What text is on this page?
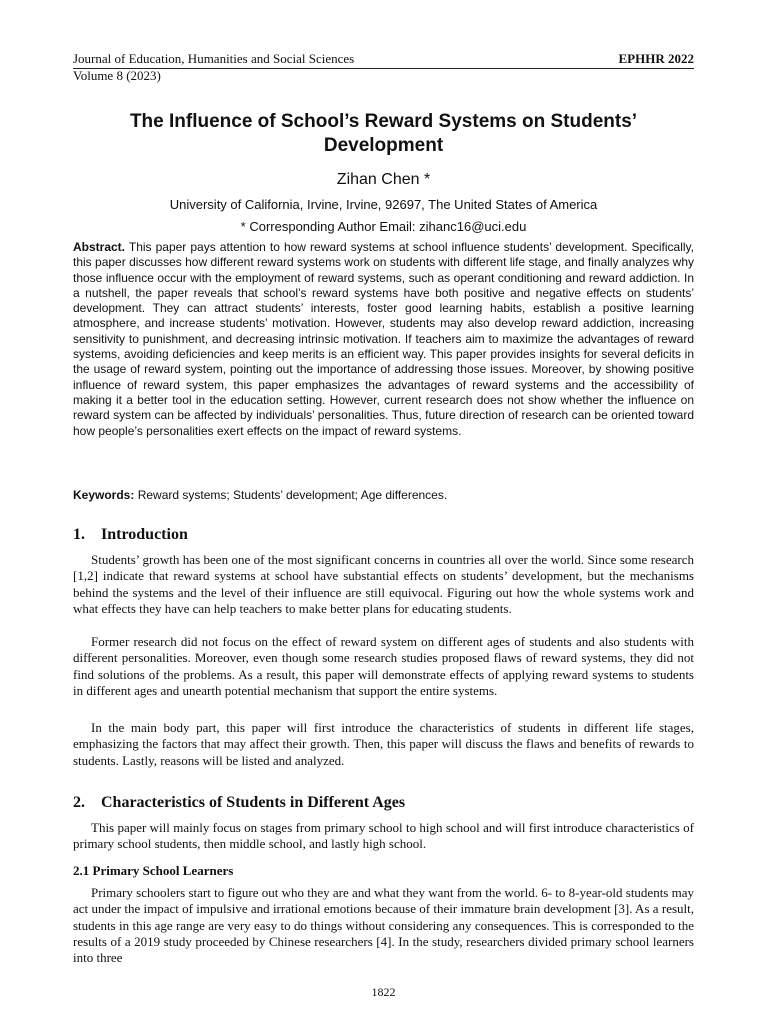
Journal of Education, Humanities and Social Sciences	EPHHR 2022
Volume 8 (2023)
The Influence of School’s Reward Systems on Students’ Development
Zihan Chen *
University of California, Irvine, Irvine, 92697, The United States of America
* Corresponding Author Email: zihanc16@uci.edu
Abstract. This paper pays attention to how reward systems at school influence students’ development. Specifically, this paper discusses how different reward systems work on students with different life stage, and finally analyzes why those influence occur with the employment of reward systems, such as operant conditioning and reward addiction. In a nutshell, the paper reveals that school’s reward systems have both positive and negative effects on students’ development. They can attract students’ interests, foster good learning habits, establish a positive learning atmosphere, and increase students’ motivation. However, students may also develop reward addiction, increasing sensitivity to punishment, and decreasing intrinsic motivation. If teachers aim to maximize the advantages of reward systems, avoiding deficiencies and keep merits is an efficient way. This paper provides insights for several deficits in the usage of reward system, pointing out the importance of addressing those issues. Moreover, by showing positive influence of reward system, this paper emphasizes the advantages of reward systems and the accessibility of making it a better tool in the education setting. However, current research does not show whether the influence on reward system can be affected by individuals’ personalities. Thus, future direction of research can be oriented toward how people’s personalities exert effects on the impact of reward systems.
Keywords: Reward systems; Students’ development; Age differences.
1. Introduction

Students’ growth has been one of the most significant concerns in countries all over the world. Since some research [1,2] indicate that reward systems at school have substantial effects on students’ development, but the mechanisms behind the systems and the level of their influence are still equivocal. Figuring out how the whole systems work and what effects they have can help teachers to make better plans for educating students.

Former research did not focus on the effect of reward system on different ages of students and also students with different personalities. Moreover, even though some research studies proposed flaws of reward systems, they did not find solutions of the problems. As a result, this paper will demonstrate effects of applying reward systems to students in different ages and unearth potential mechanism that support the entire systems.

In the main body part, this paper will first introduce the characteristics of students in different life stages, emphasizing the factors that may affect their growth. Then, this paper will discuss the flaws and benefits of rewards to students. Lastly, reasons will be listed and analyzed.

2. Characteristics of Students in Different Ages

This paper will mainly focus on stages from primary school to high school and will first introduce characteristics of primary school students, then middle school, and lastly high school.

2.1 Primary School Learners

Primary schoolers start to figure out who they are and what they want from the world. 6- to 8-year-old students may act under the impact of impulsive and irrational emotions because of their immature brain development [3]. As a result, students in this age range are very easy to do things without considering any consequences. This is corresponded to the results of a 2019 study proceeded by Chinese researchers [4]. In the study, researchers divided primary school learners into three

1822
